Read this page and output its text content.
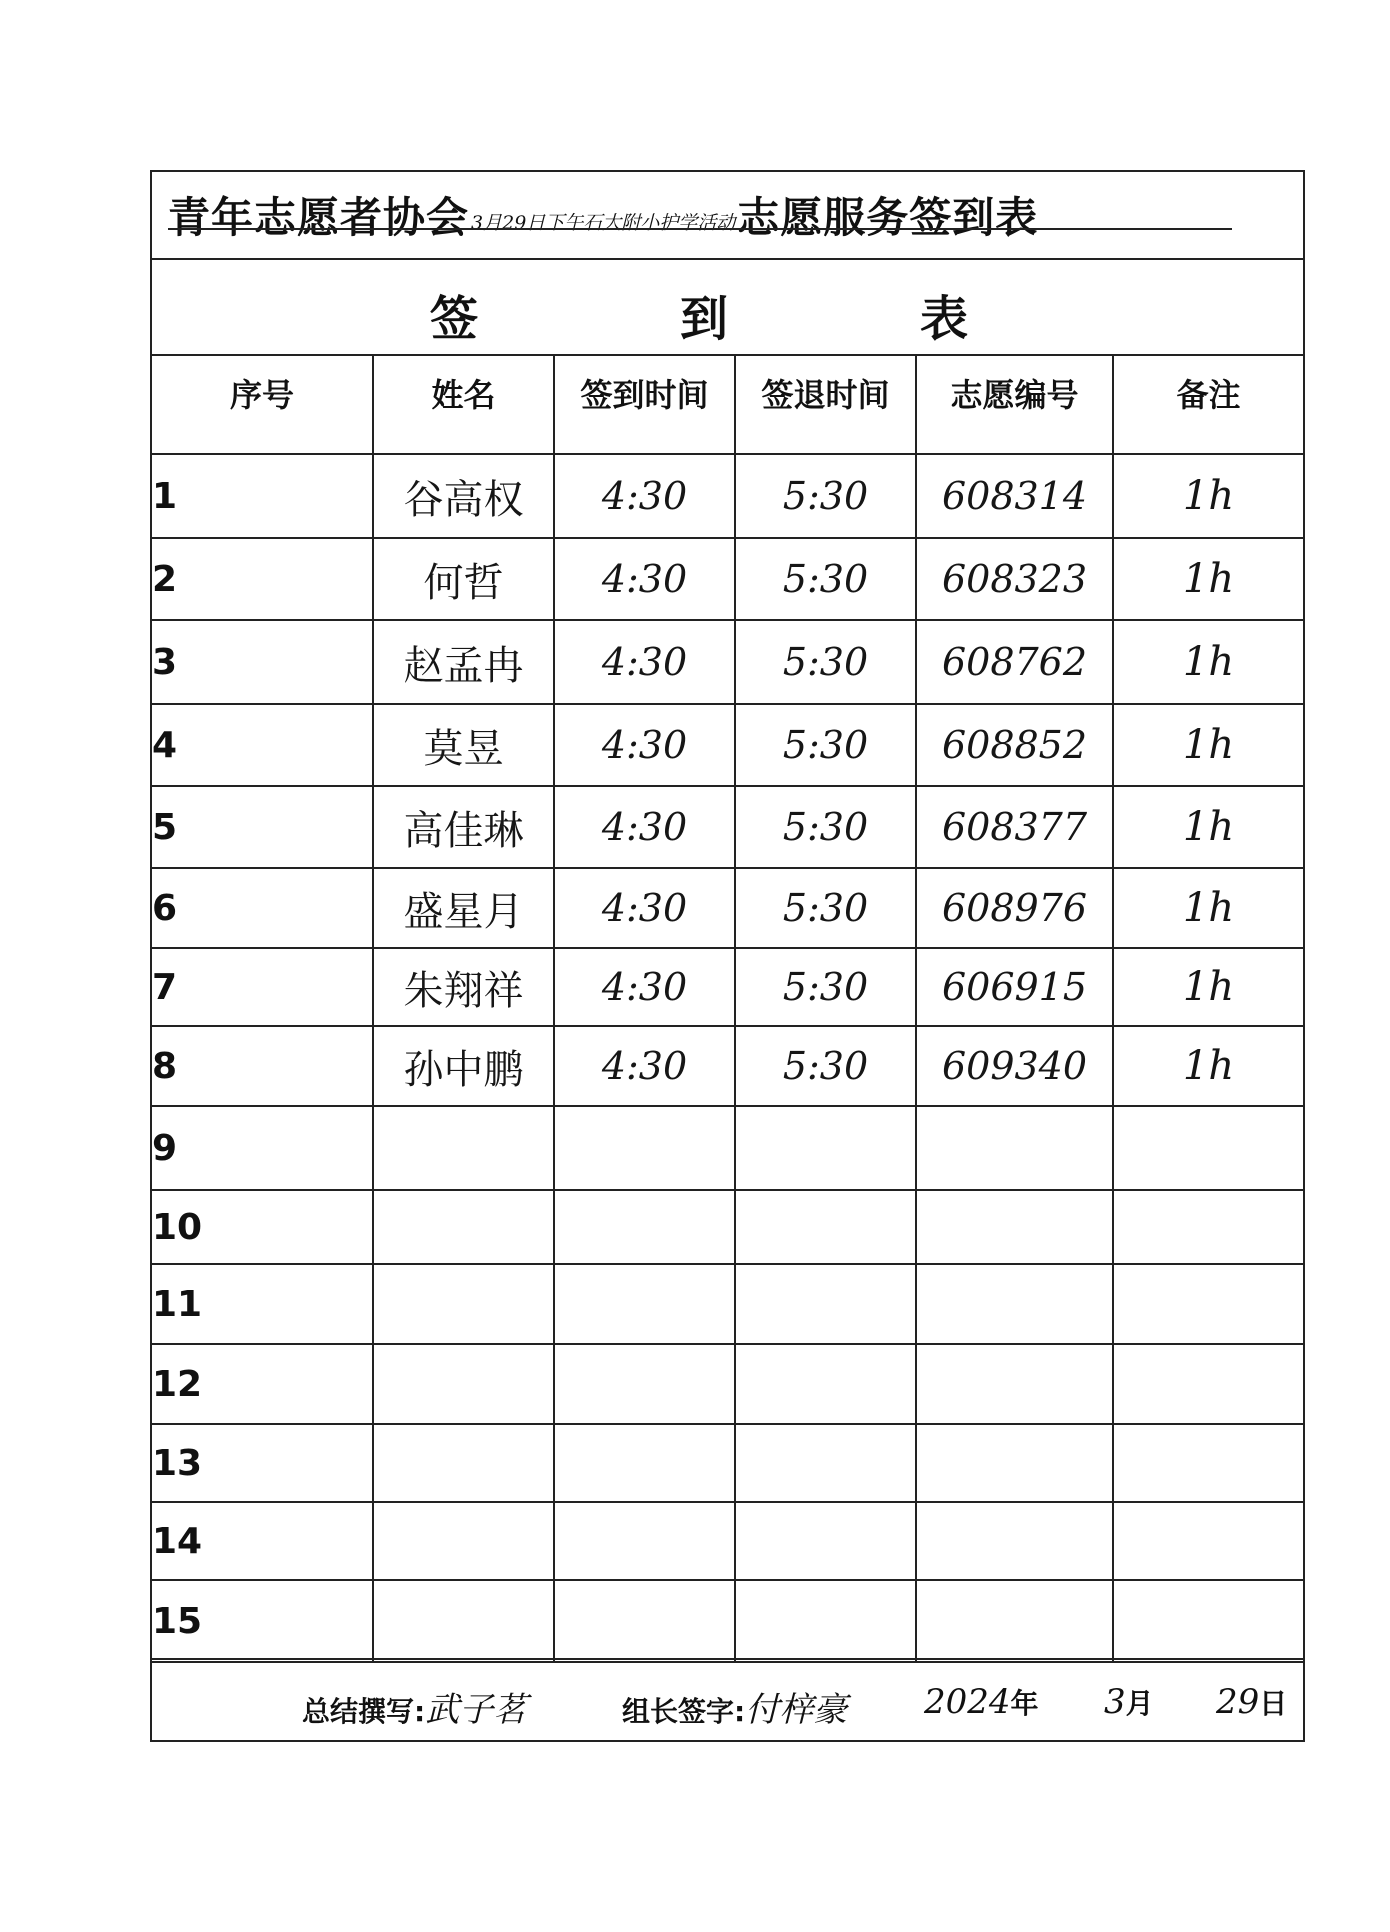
青年志愿者协会 3月29日下午石大附小护学活动 志愿服务签到表
签	到	表
序号	姓名	签到时间	签退时间	志愿编号	备注
1	谷高权	4:30	5:30	608314	1h
2	何哲	4:30	5:30	608323	1h
3	赵孟冉	4:30	5:30	608762	1h
4	莫昱	4:30	5:30	608852	1h
5	高佳琳	4:30	5:30	608377	1h
6	盛星月	4:30	5:30	608976	1h
7	朱翔祥	4:30	5:30	606915	1h
8	孙中鹏	4:30	5:30	609340	1h
9					
10					
11					
12					
13					
14					
15					
总结撰写:武子茗	组长签字:付梓豪 2024年 3月 29日
